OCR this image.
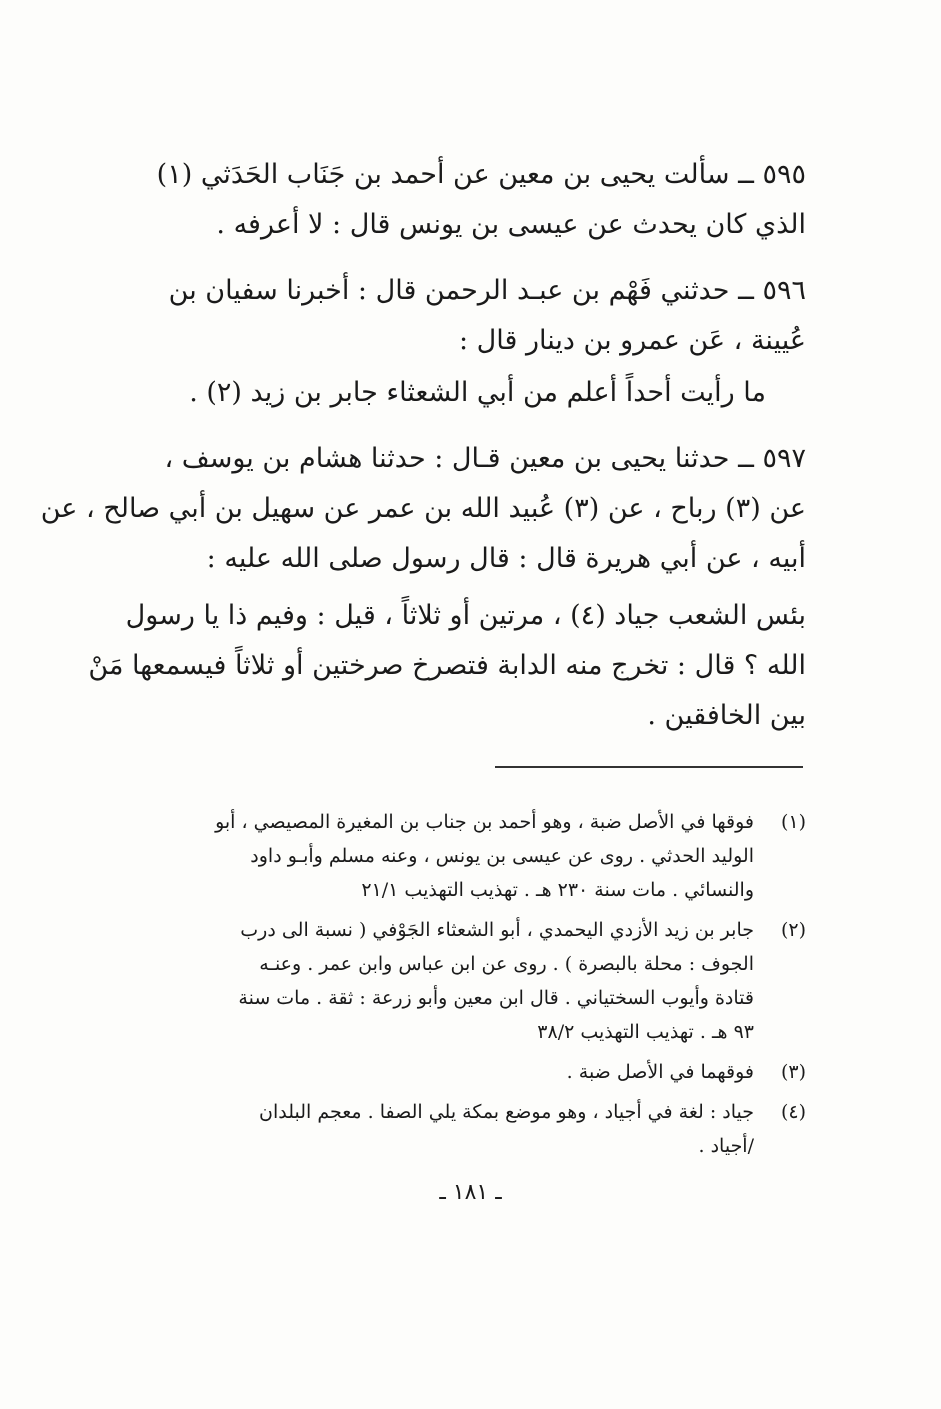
٥٩٥ ــ سألت يحيى بن معين عن أحمد بن جَنَاب الحَدَثي (١)
الذي كان يحدث عن عيسى بن يونس قال : لا أعرفه .

٥٩٦ ــ حدثني فَهْم بن عبـد الرحمن قال : أخبرنا سفيان بن
عُيينة ، عَن عمرو بن دينار قال :

ما رأيت أحداً أعلم من أبي الشعثاء جابر بن زيد (٢) .

٥٩٧ ــ حدثنا يحيى بن معين قـال : حدثنا هشام بن يوسف ،
عن (٣) رباح ، عن (٣) عُبيد الله بن عمر عن سهيل بن أبي صالح ، عن
أبيه ، عن أبي هريرة قال : قال رسول صلى الله عليه :

بئس الشعب جياد (٤) ، مرتين أو ثلاثاً ، قيل : وفيم ذا يا رسول
الله ؟ قال : تخرج منه الدابة فتصرخ صرختين أو ثلاثاً فيسمعها مَنْ
بين الخافقين .

(١)
فوقها في الأصل ضبة ، وهو أحمد بن جناب بن المغيرة المصيصي ، أبو
الوليد الحدثي . روى عن عيسى بن يونس ، وعنه مسلم وأبـو داود
والنسائي . مات سنة ٢٣٠ هـ . تهذيب التهذيب ٢١/١
(٢)
جابر بن زيد الأزدي اليحمدي ، أبو الشعثاء الجَوْفي ( نسبة الى درب
الجوف : محلة بالبصرة ) . روى عن ابن عباس وابن عمر . وعنـه
قتادة وأيوب السختياني . قال ابن معين وأبو زرعة : ثقة . مات سنة
٩٣ هـ . تهذيب التهذيب ٣٨/٢
(٣)
فوقهما في الأصل ضبة .
(٤)
جياد : لغة في أجياد ، وهو موضع بمكة يلي الصفا . معجم البلدان
/أجياد .
ـ ١٨١ ـ
